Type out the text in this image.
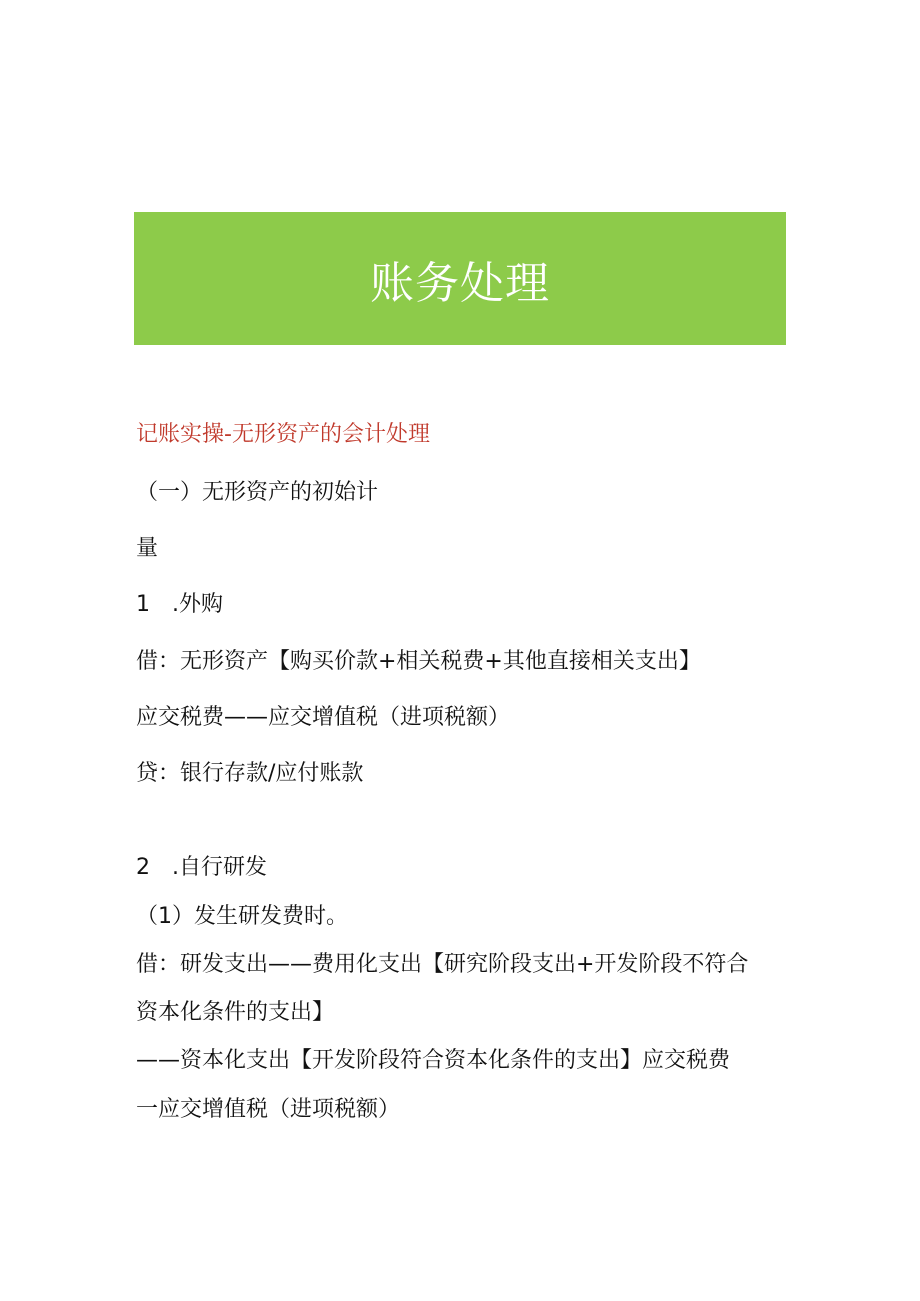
账务处理
记账实操-无形资产的会计处理
（一）无形资产的初始计
量
1　.外购
借：无形资产【购买价款+相关税费+其他直接相关支出】
应交税费——应交增值税（进项税额）
贷：银行存款/应付账款
2　.自行研发
（1）发生研发费时。
借：研发支出——费用化支出【研究阶段支出+开发阶段不符合
资本化条件的支出】
——资本化支出【开发阶段符合资本化条件的支出】应交税费
一应交增值税（进项税额）
